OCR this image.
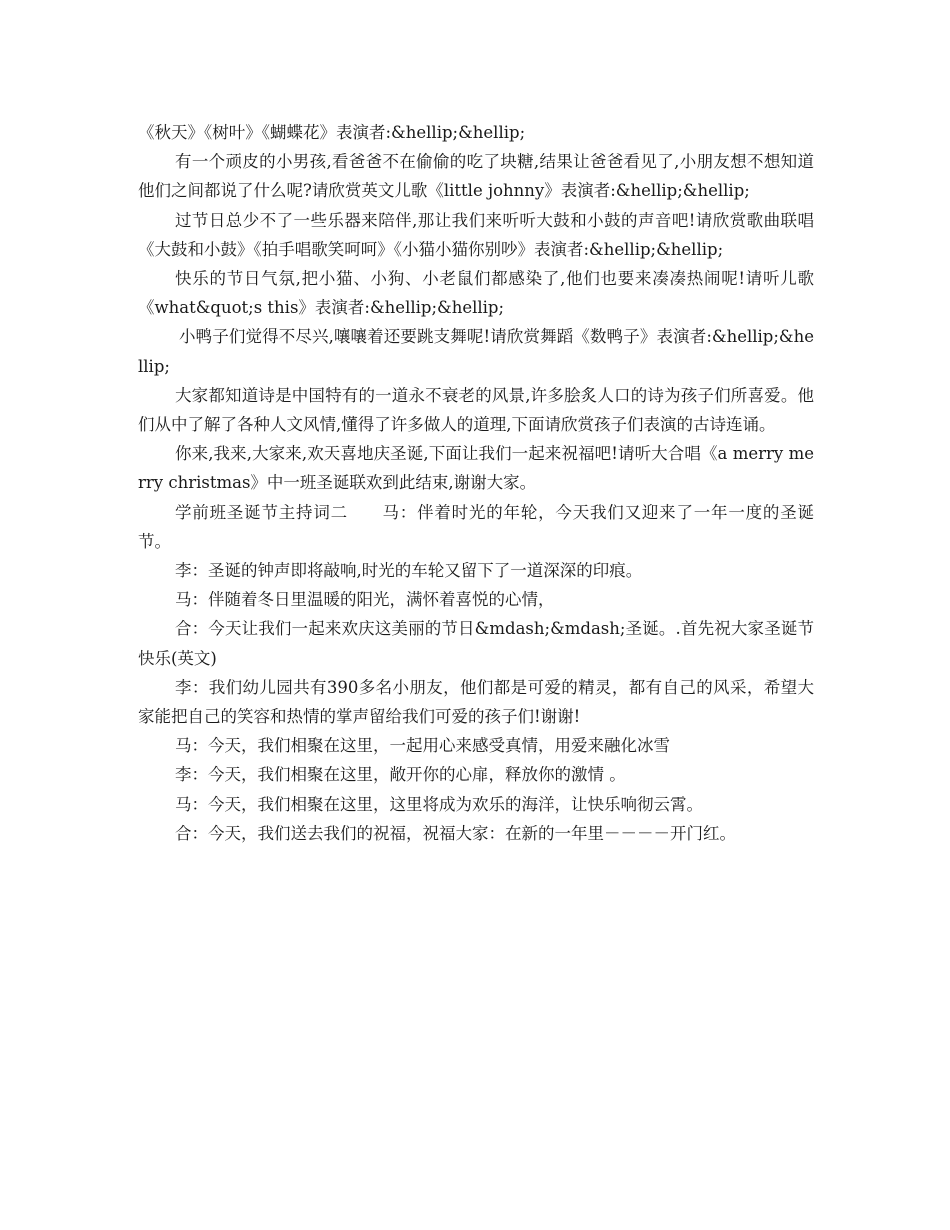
《秋天》《树叶》《蝴蝶花》表演者:&hellip;&hellip;

有一个顽皮的小男孩,看爸爸不在偷偷的吃了块糖,结果让爸爸看见了,小朋友想不想知道他们之间都说了什么呢?请欣赏英文儿歌《little johnny》表演者:&hellip;&hellip;

过节日总少不了一些乐器来陪伴,那让我们来听听大鼓和小鼓的声音吧!请欣赏歌曲联唱《大鼓和小鼓》《拍手唱歌笑呵呵》《小猫小猫你别吵》表演者:&hellip;&hellip;

快乐的节日气氛,把小猫、小狗、小老鼠们都感染了,他们也要来凑凑热闹呢!请听儿歌《what&quot;s this》表演者:&hellip;&hellip;

小鸭子们觉得不尽兴,嚷嚷着还要跳支舞呢!请欣赏舞蹈《数鸭子》表演者:&hellip;&hellip;

大家都知道诗是中国特有的一道永不衰老的风景,许多脍炙人口的诗为孩子们所喜爱。他们从中了解了各种人文风情,懂得了许多做人的道理,下面请欣赏孩子们表演的古诗连诵。

你来,我来,大家来,欢天喜地庆圣诞,下面让我们一起来祝福吧!请听大合唱《a merry merry christmas》中一班圣诞联欢到此结束,谢谢大家。

学前班圣诞节主持词二　　马：伴着时光的年轮，今天我们又迎来了一年一度的圣诞节。

李：圣诞的钟声即将敲响,时光的车轮又留下了一道深深的印痕。

马：伴随着冬日里温暖的阳光，满怀着喜悦的心情，

合：今天让我们一起来欢庆这美丽的节日&mdash;&mdash;圣诞。.首先祝大家圣诞节快乐(英文)

李：我们幼儿园共有390多名小朋友，他们都是可爱的精灵，都有自己的风采，希望大家能把自己的笑容和热情的掌声留给我们可爱的孩子们!谢谢!

马：今天，我们相聚在这里，一起用心来感受真情，用爱来融化冰雪

李：今天，我们相聚在这里，敞开你的心扉，释放你的激情 。

马：今天，我们相聚在这里，这里将成为欢乐的海洋，让快乐响彻云霄。

合：今天，我们送去我们的祝福，祝福大家：在新的一年里－－－－开门红。
